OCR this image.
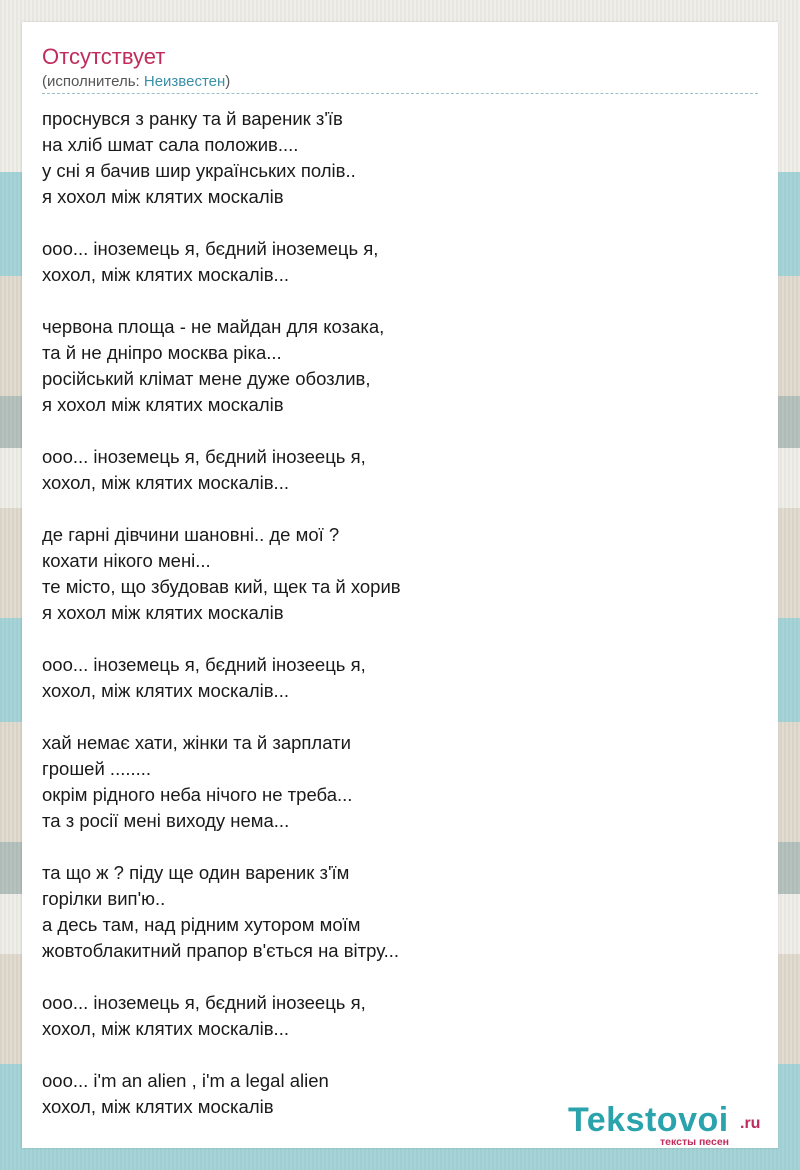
Отсутствует
(исполнитель: Неизвестен)
проснувся з ранку та й вареник з'їв
на хліб шмат сала положив....
у сні я бачив шир українських полів..
я хохол між клятих москалів
ооо... іноземець я, бєдний іноземець я,
хохол, між клятих москалів...
червона площа - не майдан для козака,
та й не дніпро москва ріка...
російський клімат мене дуже обозлив,
я хохол між клятих москалів
ооо... іноземець я, бєдний інозеець я,
хохол, між клятих москалів...
де гарні дівчини шановні.. де мої ?
кохати нікого мені...
те місто, що збудовав кий, щек та й хорив
я хохол між клятих москалів
ооо... іноземець я, бєдний інозеець я,
хохол, між клятих москалів...
хай немає хати, жінки та й зарплати
грошей ........
окрім рідного неба нічого не треба...
та з росії мені виходу нема...
та що ж ? піду ще один вареник з'їм
горілки вип'ю..
а десь там, над рідним хутором моїм
жовтоблакитний прапор в'ється на вітру...
ооо... іноземець я, бєдний інозеець я,
хохол, між клятих москалів...
ооо... i'm an alien , i'm a legal alien
хохол, між клятих москалів	Tekstovoi .ru
тексты песен
